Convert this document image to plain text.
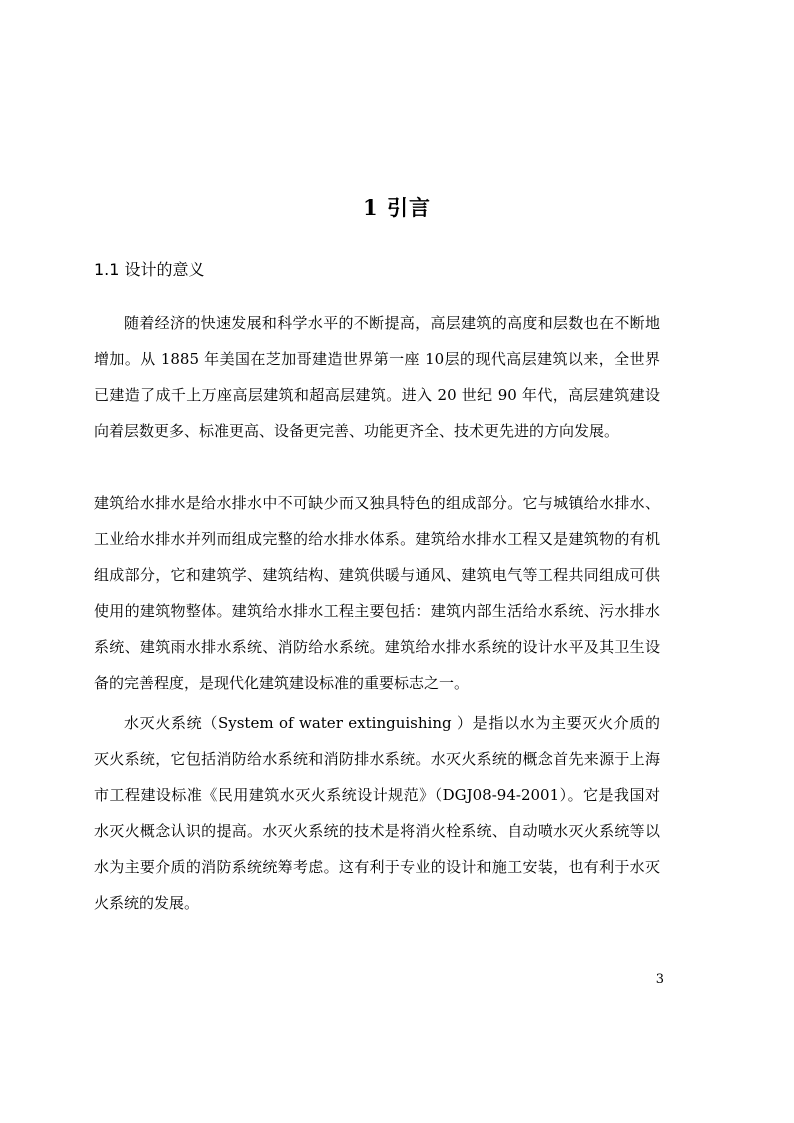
1 引言
1.1 设计的意义

随着经济的快速发展和科学水平的不断提高，高层建筑的高度和层数也在不断地增加。从 1885 年美国在芝加哥建造世界第一座 10层的现代高层建筑以来，全世界已建造了成千上万座高层建筑和超高层建筑。进入 20 世纪 90 年代，高层建筑建设向着层数更多、标准更高、设备更完善、功能更齐全、技术更先进的方向发展。

建筑给水排水是给水排水中不可缺少而又独具特色的组成部分。它与城镇给水排水、工业给水排水并列而组成完整的给水排水体系。建筑给水排水工程又是建筑物的有机组成部分，它和建筑学、建筑结构、建筑供暖与通风、建筑电气等工程共同组成可供使用的建筑物整体。建筑给水排水工程主要包括：建筑内部生活给水系统、污水排水系统、建筑雨水排水系统、消防给水系统。建筑给水排水系统的设计水平及其卫生设备的完善程度，是现代化建筑建设标准的重要标志之一。

水灭火系统（System of water extinguishing ）是指以水为主要灭火介质的灭火系统，它包括消防给水系统和消防排水系统。水灭火系统的概念首先来源于上海市工程建设标准《民用建筑水灭火系统设计规范》（DGJ08-94-2001）。它是我国对水灭火概念认识的提高。水灭火系统的技术是将消火栓系统、自动喷水灭火系统等以水为主要介质的消防系统统筹考虑。这有利于专业的设计和施工安装，也有利于水灭火系统的发展。

3
